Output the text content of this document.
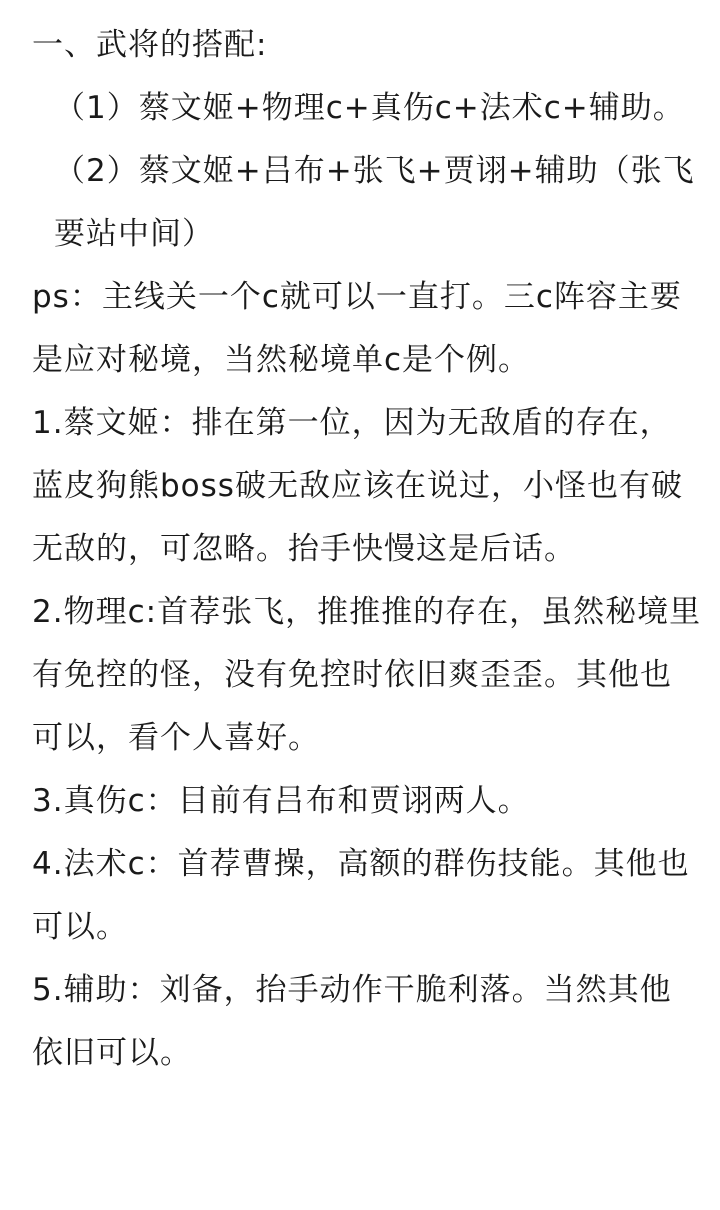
一、武将的搭配:

（1）蔡文姬+物理c+真伤c+法术c+辅助。

（2）蔡文姬+吕布+张飞+贾诩+辅助（张飞要站中间）

ps：主线关一个c就可以一直打。三c阵容主要是应对秘境，当然秘境单c是个例。

1.蔡文姬：排在第一位，因为无敌盾的存在，蓝皮狗熊boss破无敌应该在说过，小怪也有破无敌的，可忽略。抬手快慢这是后话。

2.物理c:首荐张飞，推推推的存在，虽然秘境里有免控的怪，没有免控时依旧爽歪歪。其他也可以，看个人喜好。

3.真伤c：目前有吕布和贾诩两人。

4.法术c：首荐曹操，高额的群伤技能。其他也可以。

5.辅助：刘备，抬手动作干脆利落。当然其他依旧可以。
